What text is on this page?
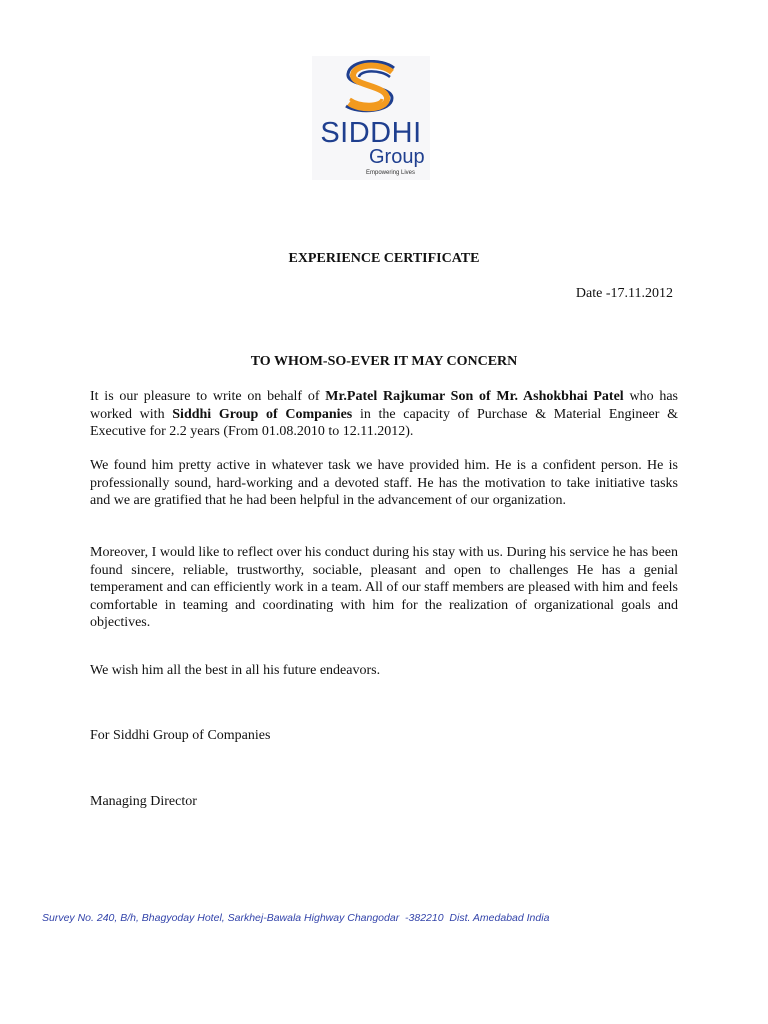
SIDDHI
Group
Empowering Lives
EXPERIENCE CERTIFICATE
Date -17.11.2012
TO WHOM-SO-EVER IT MAY CONCERN

It is our pleasure to write on behalf of Mr.Patel Rajkumar Son of Mr. Ashokbhai Patel who has worked with Siddhi Group of Companies in the capacity of Purchase & Material Engineer & Executive for 2.2 years (From 01.08.2010 to 12.11.2012).

We found him pretty active in whatever task we have provided him. He is a confident person. He is professionally sound, hard-working and a devoted staff. He has the motivation to take initiative tasks and we are gratified that he had been helpful in the advancement of our organization.

Moreover, I would like to reflect over his conduct during his stay with us. During his service he has been found sincere, reliable, trustworthy, sociable, pleasant and open to challenges He has a genial temperament and can efficiently work in a team. All of our staff members are pleased with him and feels comfortable in teaming and coordinating with him for the realization of organizational goals and objectives.

We wish him all the best in all his future endeavors.
For Siddhi Group of Companies
Managing Director
Survey No. 240, B/h, Bhagyoday Hotel, Sarkhej-Bawala Highway Changodar  -382210  Dist. Amedabad India
